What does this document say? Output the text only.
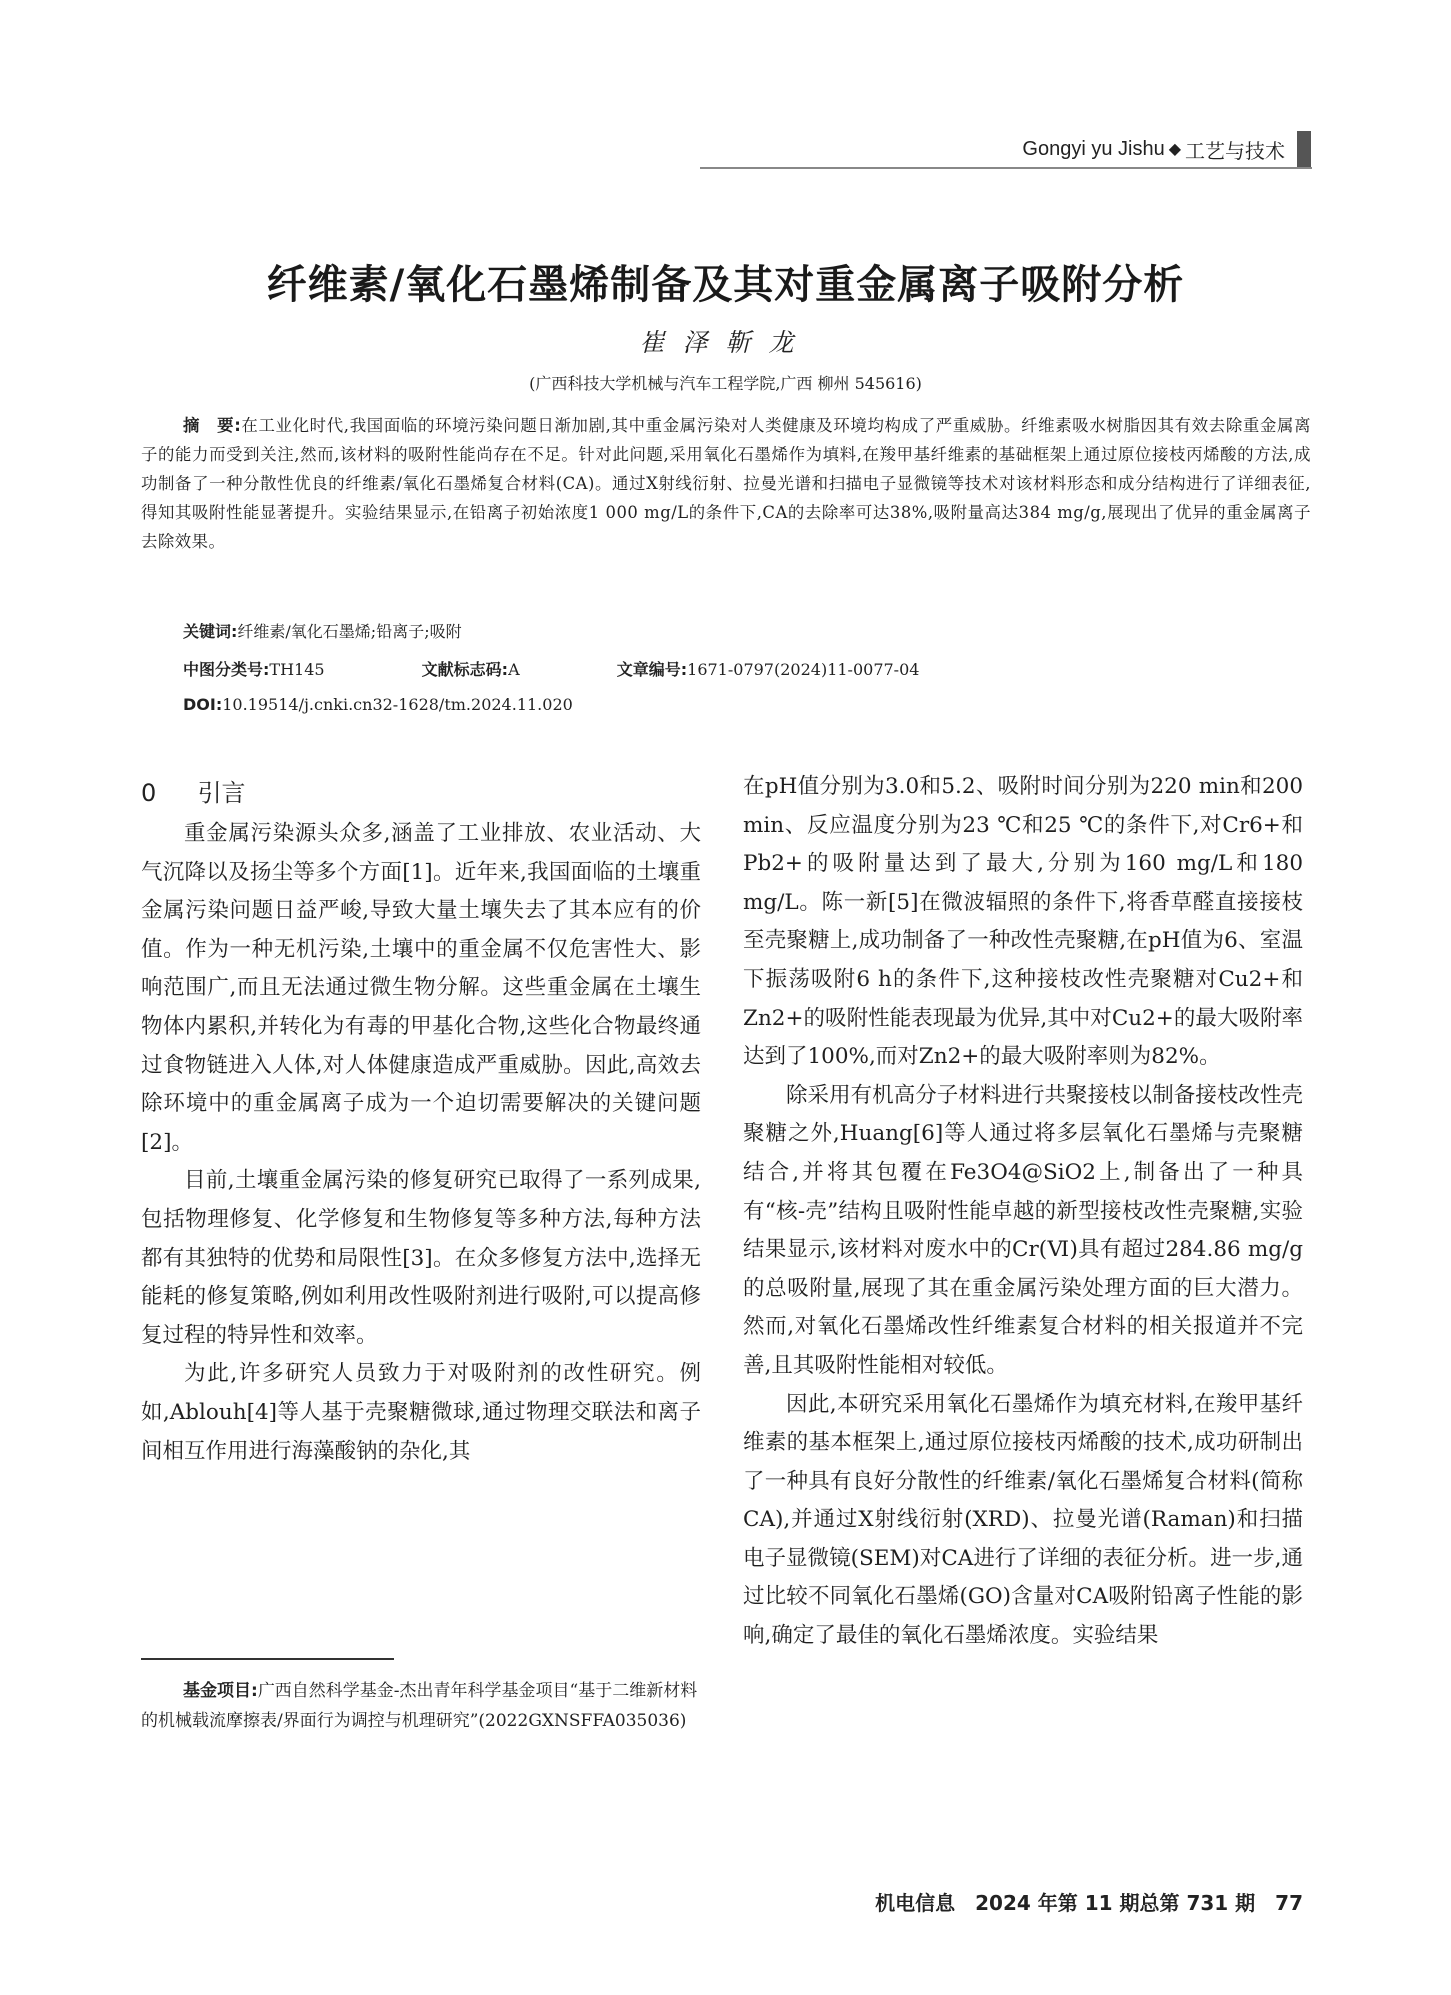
Gongyi yu Jishu ◆ 工艺与技术
纤维素/氧化石墨烯制备及其对重金属离子吸附分析
崔泽靳龙
(广西科技大学机械与汽车工程学院,广西 柳州 545616)
摘　要:在工业化时代,我国面临的环境污染问题日渐加剧,其中重金属污染对人类健康及环境均构成了严重威胁。纤维素吸水树脂因其有效去除重金属离子的能力而受到关注,然而,该材料的吸附性能尚存在不足。针对此问题,采用氧化石墨烯作为填料,在羧甲基纤维素的基础框架上通过原位接枝丙烯酸的方法,成功制备了一种分散性优良的纤维素/氧化石墨烯复合材料(CA)。通过X射线衍射、拉曼光谱和扫描电子显微镜等技术对该材料形态和成分结构进行了详细表征,得知其吸附性能显著提升。实验结果显示,在铅离子初始浓度1 000 mg/L的条件下,CA的去除率可达38%,吸附量高达384 mg/g,展现出了优异的重金属离子去除效果。
关键词:纤维素/氧化石墨烯;铅离子;吸附
中图分类号:TH145	文献标志码:A	文章编号:1671-0797(2024)11-0077-04
DOI:10.19514/j.cnki.cn32-1628/tm.2024.11.020
0 引言

重金属污染源头众多,涵盖了工业排放、农业活动、大气沉降以及扬尘等多个方面[1]。近年来,我国面临的土壤重金属污染问题日益严峻,导致大量土壤失去了其本应有的价值。作为一种无机污染,土壤中的重金属不仅危害性大、影响范围广,而且无法通过微生物分解。这些重金属在土壤生物体内累积,并转化为有毒的甲基化合物,这些化合物最终通过食物链进入人体,对人体健康造成严重威胁。因此,高效去除环境中的重金属离子成为一个迫切需要解决的关键问题[2]。

目前,土壤重金属污染的修复研究已取得了一系列成果,包括物理修复、化学修复和生物修复等多种方法,每种方法都有其独特的优势和局限性[3]。在众多修复方法中,选择无能耗的修复策略,例如利用改性吸附剂进行吸附,可以提高修复过程的特异性和效率。

为此,许多研究人员致力于对吸附剂的改性研究。例如,Ablouh[4]等人基于壳聚糖微球,通过物理交联法和离子间相互作用进行海藻酸钠的杂化,其

在pH值分别为3.0和5.2、吸附时间分别为220 min和200 min、反应温度分别为23 ℃和25 ℃的条件下,对Cr6+和Pb2+的吸附量达到了最大,分别为160 mg/L和180 mg/L。陈一新[5]在微波辐照的条件下,将香草醛直接接枝至壳聚糖上,成功制备了一种改性壳聚糖,在pH值为6、室温下振荡吸附6 h的条件下,这种接枝改性壳聚糖对Cu2+和Zn2+的吸附性能表现最为优异,其中对Cu2+的最大吸附率达到了100%,而对Zn2+的最大吸附率则为82%。

除采用有机高分子材料进行共聚接枝以制备接枝改性壳聚糖之外,Huang[6]等人通过将多层氧化石墨烯与壳聚糖结合,并将其包覆在Fe3O4@SiO2上,制备出了一种具有“核-壳”结构且吸附性能卓越的新型接枝改性壳聚糖,实验结果显示,该材料对废水中的Cr(Ⅵ)具有超过284.86 mg/g的总吸附量,展现了其在重金属污染处理方面的巨大潜力。然而,对氧化石墨烯改性纤维素复合材料的相关报道并不完善,且其吸附性能相对较低。

因此,本研究采用氧化石墨烯作为填充材料,在羧甲基纤维素的基本框架上,通过原位接枝丙烯酸的技术,成功研制出了一种具有良好分散性的纤维素/氧化石墨烯复合材料(简称CA),并通过X射线衍射(XRD)、拉曼光谱(Raman)和扫描电子显微镜(SEM)对CA进行了详细的表征分析。进一步,通过比较不同氧化石墨烯(GO)含量对CA吸附铅离子性能的影响,确定了最佳的氧化石墨烯浓度。实验结果

基金项目:广西自然科学基金-杰出青年科学基金项目“基于二维新材料的机械载流摩擦表/界面行为调控与机理研究”(2022GXNSFFA035036)
机电信息　2024 年第 11 期总第 731 期　77
